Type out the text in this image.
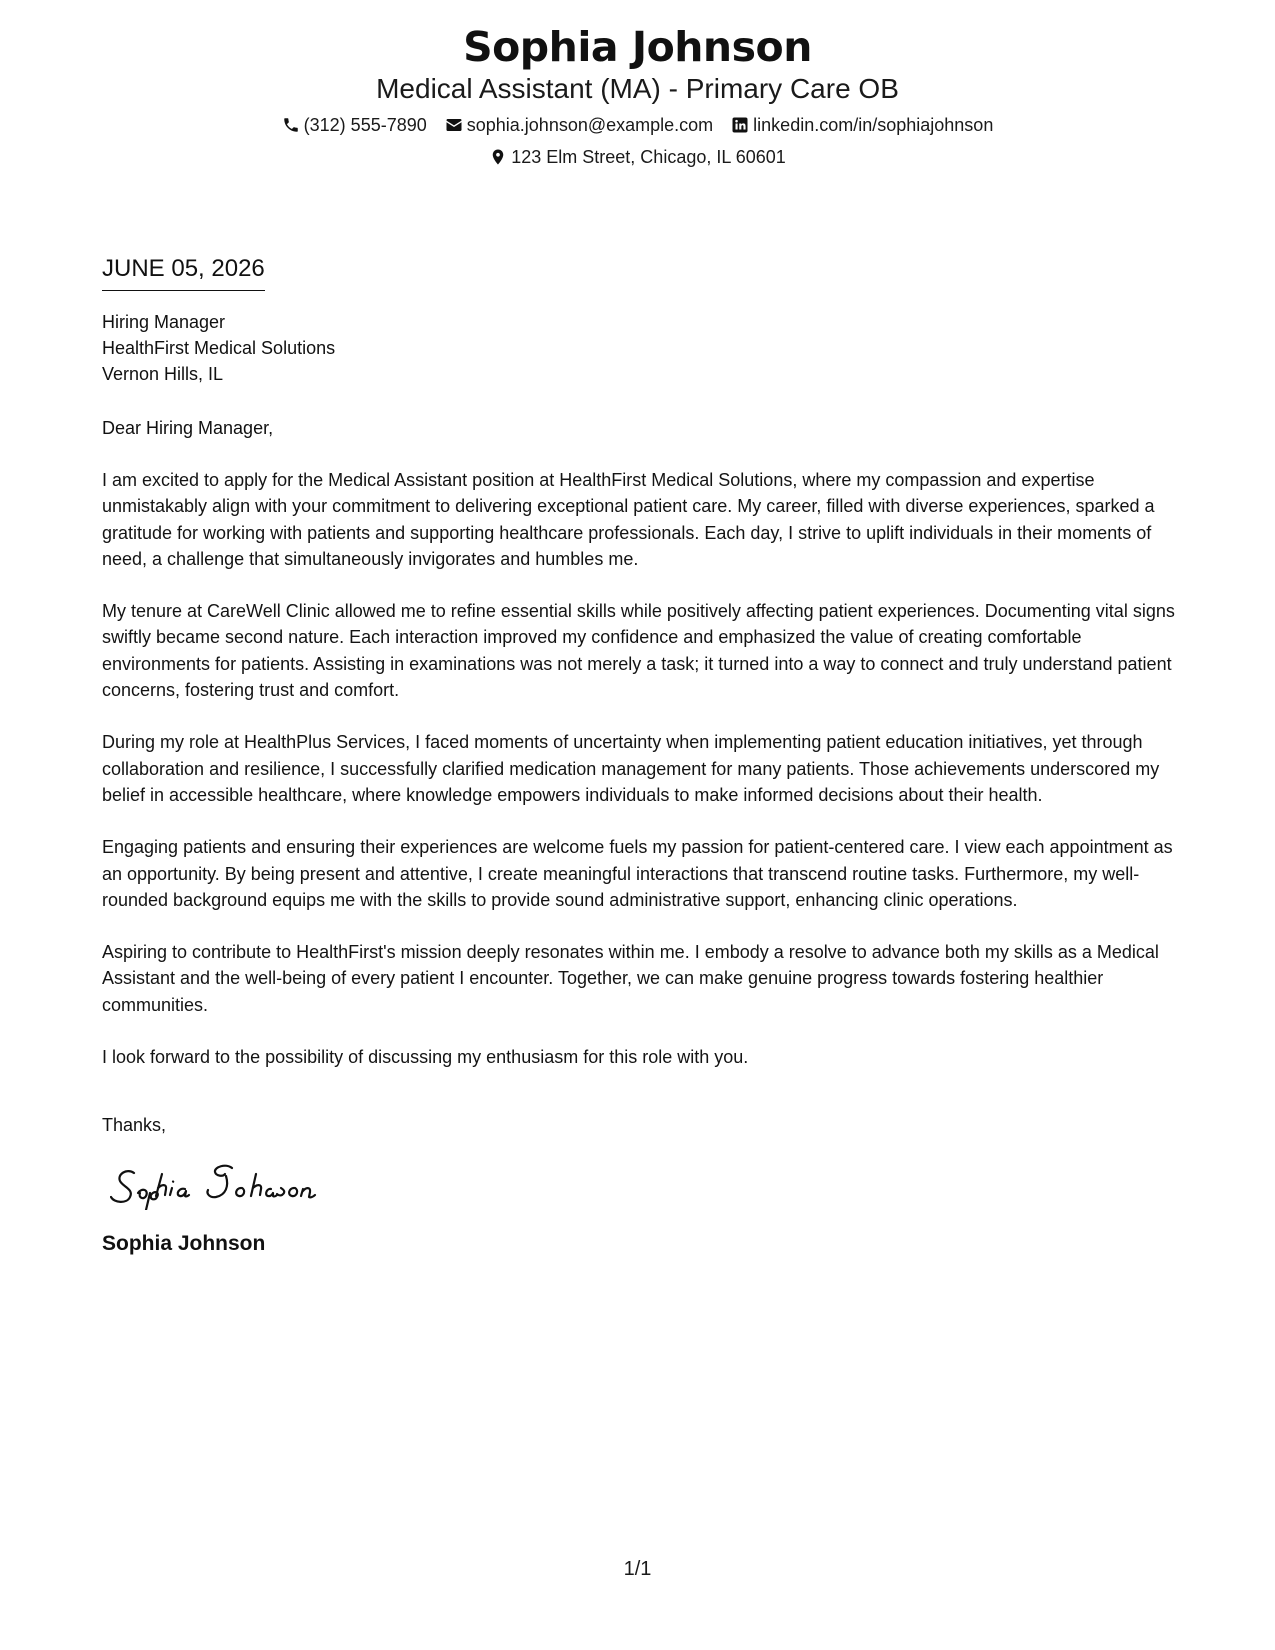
Sophia Johnson
Medical Assistant (MA) - Primary Care OB
(312) 555-7890 sophia.johnson@example.com linkedin.com/in/sophiajohnson
123 Elm Street, Chicago, IL 60601
JUNE 05, 2026
Hiring Manager
HealthFirst Medical Solutions
Vernon Hills, IL
Dear Hiring Manager,

I am excited to apply for the Medical Assistant position at HealthFirst Medical Solutions, where my compassion and expertise unmistakably align with your commitment to delivering exceptional patient care. My career, filled with diverse experiences, sparked a gratitude for working with patients and supporting healthcare professionals. Each day, I strive to uplift individuals in their moments of need, a challenge that simultaneously invigorates and humbles me.

My tenure at CareWell Clinic allowed me to refine essential skills while positively affecting patient experiences. Documenting vital signs swiftly became second nature. Each interaction improved my confidence and emphasized the value of creating comfortable environments for patients. Assisting in examinations was not merely a task; it turned into a way to connect and truly understand patient concerns, fostering trust and comfort.

During my role at HealthPlus Services, I faced moments of uncertainty when implementing patient education initiatives, yet through collaboration and resilience, I successfully clarified medication management for many patients. Those achievements underscored my belief in accessible healthcare, where knowledge empowers individuals to make informed decisions about their health.

Engaging patients and ensuring their experiences are welcome fuels my passion for patient-centered care. I view each appointment as an opportunity. By being present and attentive, I create meaningful interactions that transcend routine tasks. Furthermore, my well-rounded background equips me with the skills to provide sound administrative support, enhancing clinic operations.

Aspiring to contribute to HealthFirst's mission deeply resonates within me. I embody a resolve to advance both my skills as a Medical Assistant and the well-being of every patient I encounter. Together, we can make genuine progress towards fostering healthier communities.

I look forward to the possibility of discussing my enthusiasm for this role with you.

Thanks,
Sophia Johnson
1/1
